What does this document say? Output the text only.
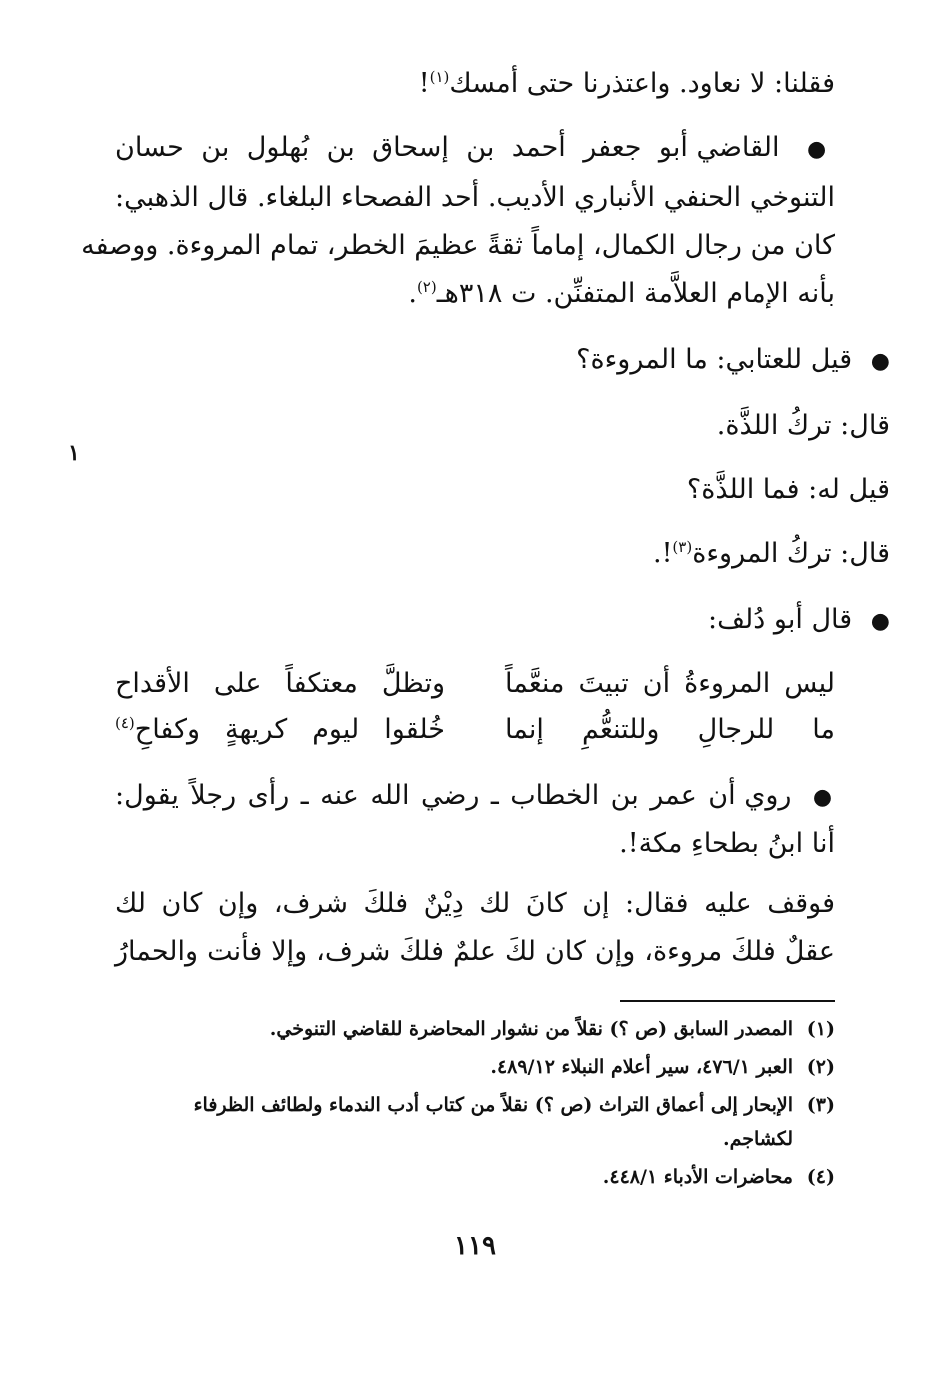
فقلنا: لا نعاود. واعتذرنا حتى أمسك$^{(١)}$!
● القاضي أبو جعفر أحمد بن إسحاق بن بُهلول بن حسان
التنوخي الحنفي الأنباري الأديب. أحد الفصحاء البلغاء. قال الذهبي:
كان من رجال الكمال، إماماً ثقةً عظيمَ الخطر، تمام المروءة. ووصفه
بأنه الإمام العلاَّمة المتفنِّن. ت ٣١٨هـ$^{(٢)}$.
● قيل للعتابي: ما المروءة؟
قال: تركُ اللذَّة.
قيل له: فما اللذَّة؟
قال: تركُ المروءة$^{(٣)}$!.
● قال أبو دُلف:
ليس المروءةُ أن تبيتَ منعَّماً
وتظلَّ معتكفاً على الأقداح
ما للرجالِ وللتنعُّمِ إنما
خُلقوا ليوم كريهةٍ وكفاحِ$^{(٤)}$
● روي أن عمر بن الخطاب ـ رضي الله عنه ـ رأى رجلاً يقول:
أنا ابنُ بطحاءِ مكة!.
فوقف عليه فقال: إن كانَ لك دِيْنٌ فلكَ شرف، وإن كان لك
عقلٌ فلكَ مروءة، وإن كان لكَ علمٌ فلكَ شرف، وإلا فأنت والحمارُ
١
(١)المصدر السابق (ص ؟) نقلاً من نشوار المحاضرة للقاضي التنوخي.
(٢)العبر ٤٧٦/١، سير أعلام النبلاء ٤٨٩/١٢.
(٣)الإبحار إلى أعماق التراث (ص ؟) نقلاً من كتاب أدب الندماء ولطائف الظرفاء
لكشاجم.
(٤)محاضرات الأدباء ٤٤٨/١.
١١٩
